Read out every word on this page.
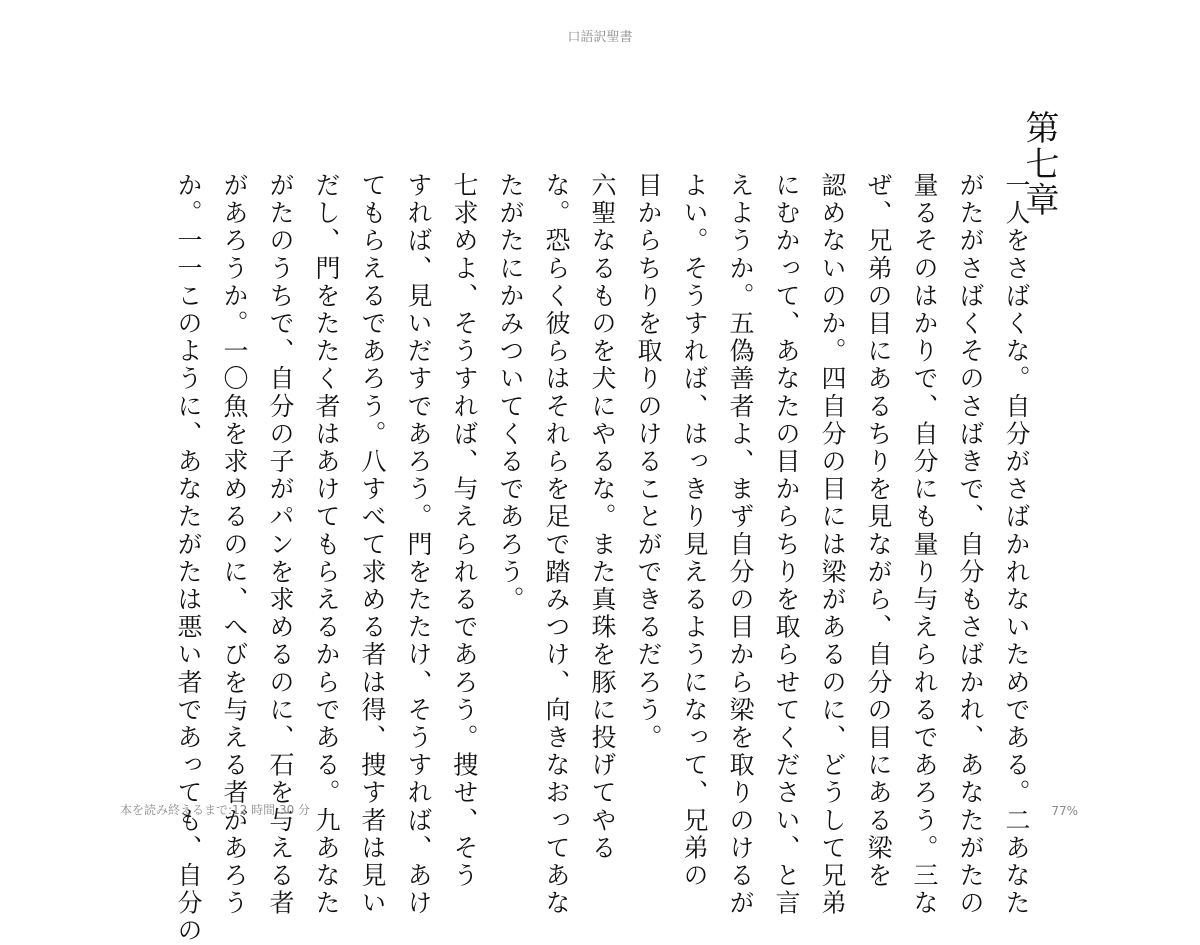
口語訳聖書
第七章
一人をさばくな。自分がさばかれないためである。二あなた
がたがさばくそのさばきで、自分もさばかれ、あなたがたの
量るそのはかりで、自分にも量り与えられるであろう。三な
ぜ、兄弟の目にあるちりを見ながら、自分の目にある梁を
認めないのか。四自分の目には梁があるのに、どうして兄弟
にむかって、あなたの目からちりを取らせてください、と言
えようか。五偽善者よ、まず自分の目から梁を取りのけるが
よい。そうすれば、はっきり見えるようになって、兄弟の
目からちりを取りのけることができるだろう。
六聖なるものを犬にやるな。また真珠を豚に投げてやる
な。恐らく彼らはそれらを足で踏みつけ、向きなおってあな
たがたにかみついてくるであろう。
七求めよ、そうすれば、与えられるであろう。捜せ、そう
すれば、見いだすであろう。門をたたけ、そうすれば、あけ
てもらえるであろう。八すべて求める者は得、捜す者は見い
だし、門をたたく者はあけてもらえるからである。九あなた
がたのうちで、自分の子がパンを求めるのに、石を与える者
があろうか。一〇魚を求めるのに、へびを与える者があろう
か。一一このように、あなたがたは悪い者であっても、自分の
本を読み終えるまで:12 時間 30 分	77%
